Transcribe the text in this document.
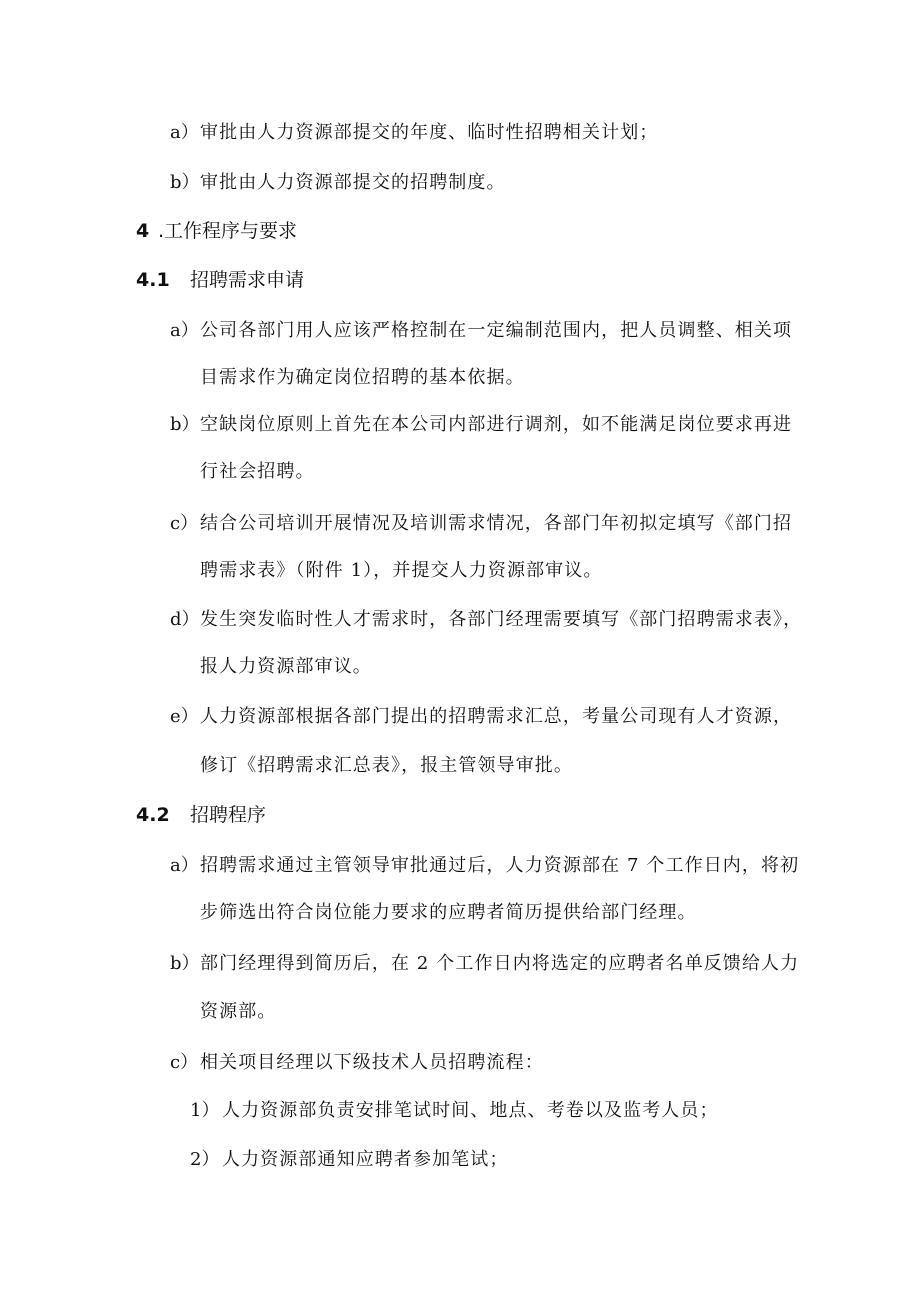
a） 审批由人力资源部提交的年度、临时性招聘相关计划；
b） 审批由人力资源部提交的招聘制度。
4 .工作程序与要求
4.1 招聘需求申请
a） 公司各部门用人应该严格控制在一定编制范围内，把人员调整、相关项
目需求作为确定岗位招聘的基本依据。
b） 空缺岗位原则上首先在本公司内部进行调剂，如不能满足岗位要求再进
行社会招聘。
c） 结合公司培训开展情况及培训需求情况，各部门年初拟定填写《部门招
聘需求表》（附件 1），并提交人力资源部审议。
d） 发生突发临时性人才需求时，各部门经理需要填写《部门招聘需求表》，
报人力资源部审议。
e） 人力资源部根据各部门提出的招聘需求汇总，考量公司现有人才资源，
修订《招聘需求汇总表》，报主管领导审批。
4.2 招聘程序
a） 招聘需求通过主管领导审批通过后，人力资源部在 7 个工作日内，将初
步筛选出符合岗位能力要求的应聘者简历提供给部门经理。
b） 部门经理得到简历后，在 2 个工作日内将选定的应聘者名单反馈给人力
资源部。
c） 相关项目经理以下级技术人员招聘流程：
1） 人力资源部负责安排笔试时间、地点、考卷以及监考人员；
2） 人力资源部通知应聘者参加笔试；
